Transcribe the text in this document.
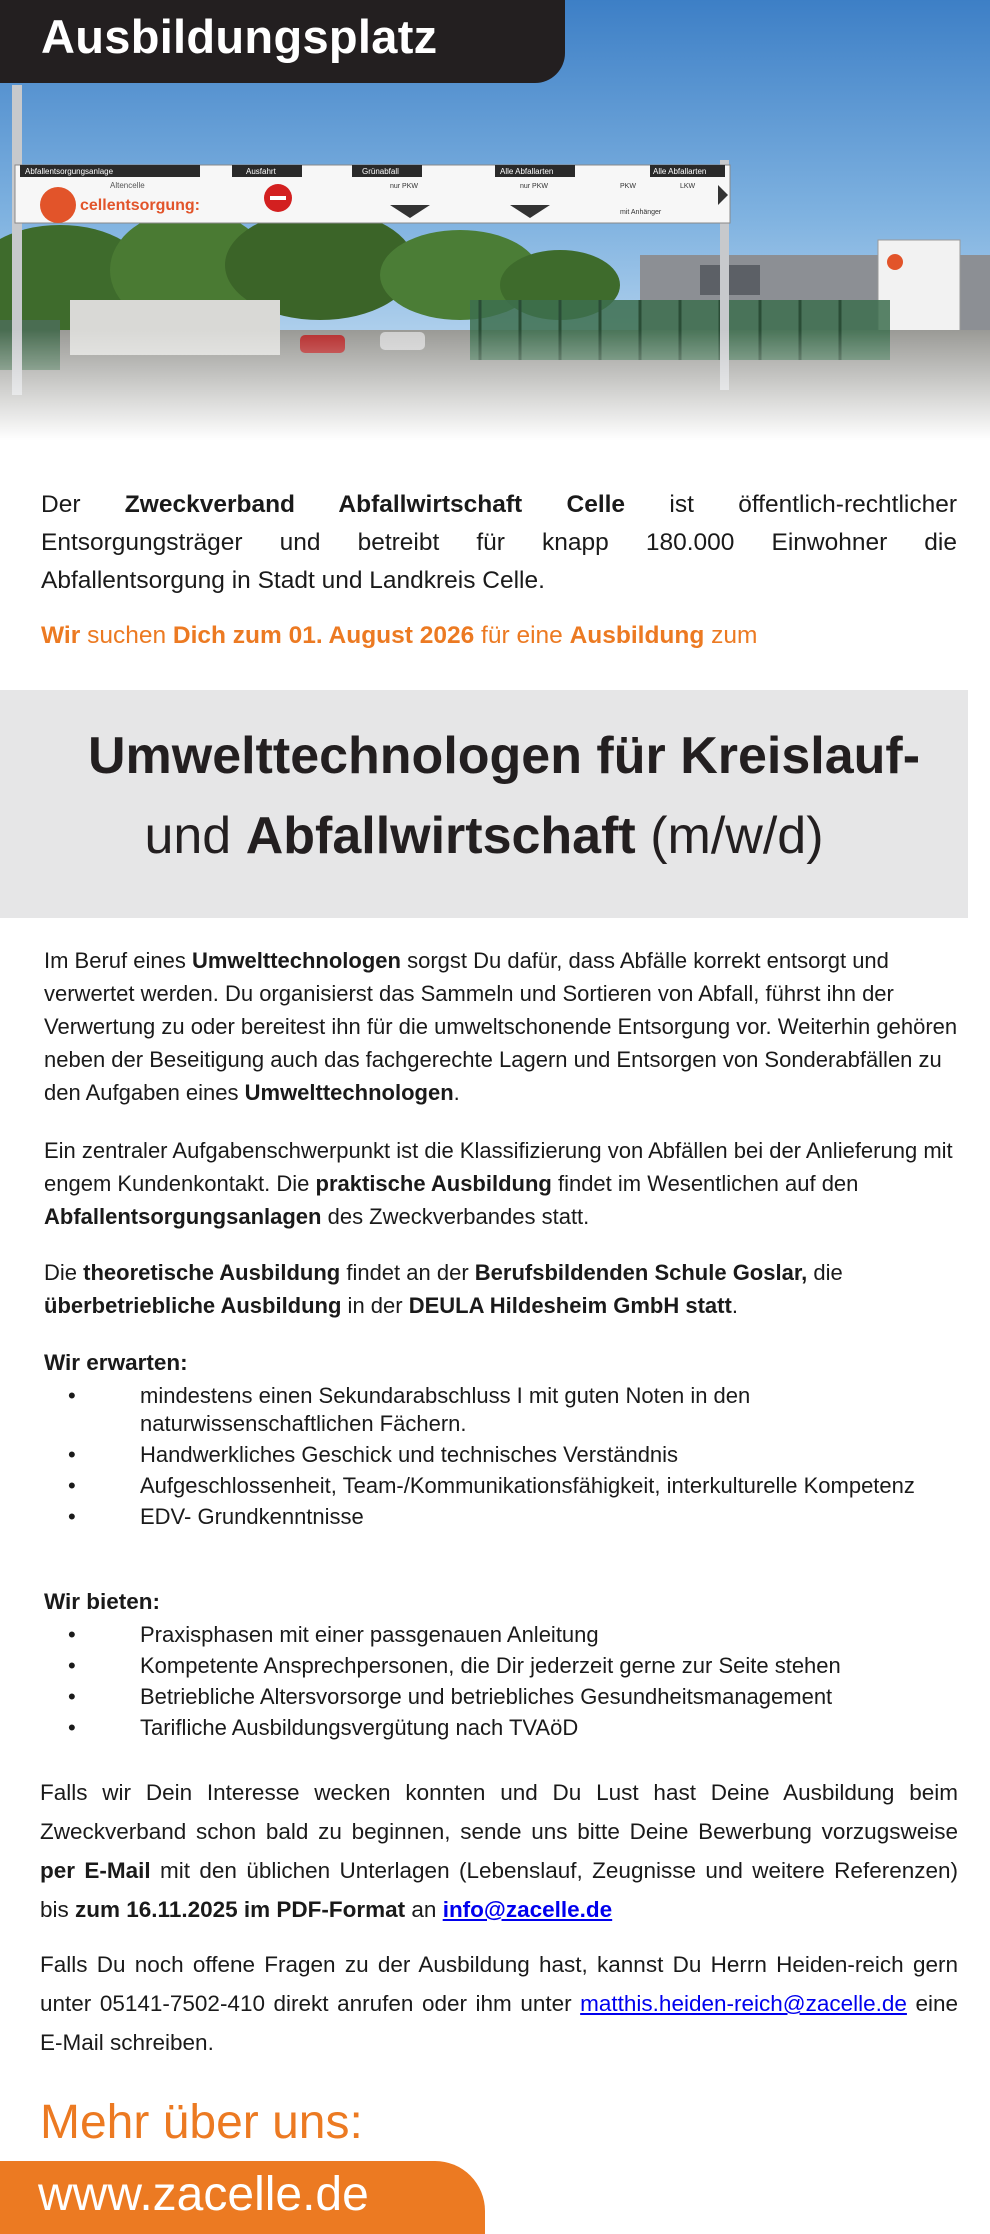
Abfallentsorgungsanlage
Altencelle
cellentsorgung:
Ausfahrt	Grünabfall
nur PKW
Alle Abfallarten
nur PKW
Alle Abfallarten
PKW	LKW
mit Anhänger
Ausbildungsplatz
Der Zweckverband Abfallwirtschaft Celle ist öffentlich-rechtlicher Entsorgungsträger und betreibt für knapp 180.000 Einwohner die
Abfallentsorgung in Stadt und Landkreis Celle.
Wir suchen Dich zum 01. August 2026 für eine Ausbildung zum
Umwelttechnologen für Kreislauf-
und Abfallwirtschaft (m/w/d)
Im Beruf eines Umwelttechnologen sorgst Du dafür, dass Abfälle korrekt entsorgt und verwertet werden. Du organisierst das Sammeln und Sortieren von Abfall, führst ihn der Verwertung zu oder bereitest ihn für die umweltschonende Entsorgung vor. Weiterhin gehören neben der Beseitigung auch das fachgerechte Lagern und Entsorgen von Sonderabfällen zu den Aufgaben eines Umwelttechnologen.
Ein zentraler Aufgabenschwerpunkt ist die Klassifizierung von Abfällen bei der Anlieferung mit engem Kundenkontakt. Die praktische Ausbildung findet im Wesentlichen auf den Abfallentsorgungsanlagen des Zweckverbandes statt.
Die theoretische Ausbildung findet an der Berufsbildenden Schule Goslar, die überbetriebliche Ausbildung in der DEULA Hildesheim GmbH statt.
Wir erwarten:
• mindestens einen Sekundarabschluss I mit guten Noten in den naturwissenschaftlichen Fächern.
• Handwerkliches Geschick und technisches Verständnis
• Aufgeschlossenheit, Team-/Kommunikationsfähigkeit, interkulturelle Kompetenz
• EDV- Grundkenntnisse
Wir bieten:
• Praxisphasen mit einer passgenauen Anleitung
• Kompetente Ansprechpersonen, die Dir jederzeit gerne zur Seite stehen
• Betriebliche Altersvorsorge und betriebliches Gesundheitsmanagement
• Tarifliche Ausbildungsvergütung nach TVAöD
Falls wir Dein Interesse wecken konnten und Du Lust hast Deine Ausbildung beim Zweckverband schon bald zu beginnen, sende uns bitte Deine Bewerbung vorzugsweise per E-Mail mit den üblichen Unterlagen (Lebenslauf, Zeugnisse und weitere Referenzen) bis zum 16.11.2025 im PDF-Format an info@zacelle.de
Falls Du noch offene Fragen zu der Ausbildung hast, kannst Du Herrn Heiden-reich gern unter 05141-7502-410 direkt anrufen oder ihm unter matthis.heiden-reich@zacelle.de eine E-Mail schreiben.
Mehr über uns:
www.zacelle.de
